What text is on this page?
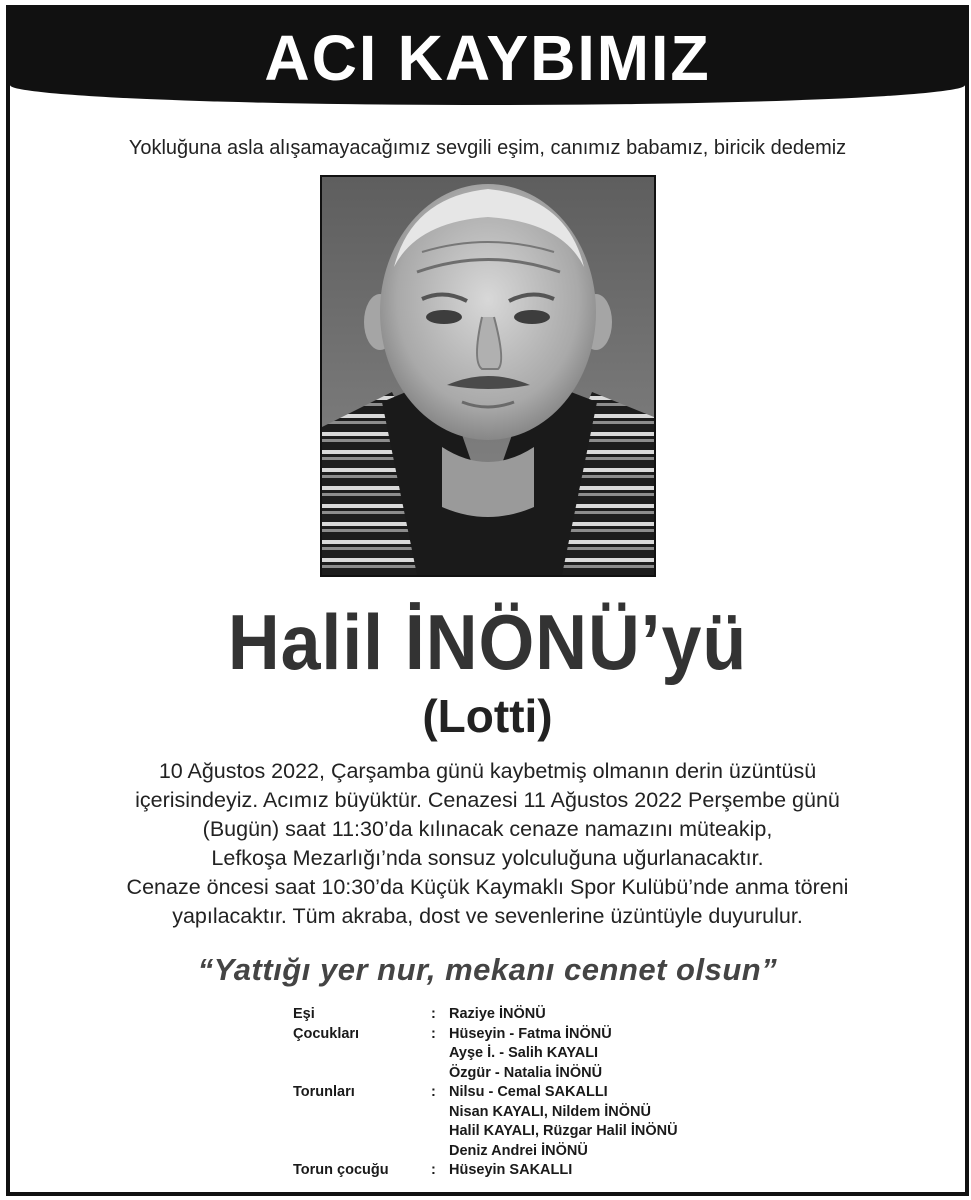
ACI KAYBIMIZ
Yokluğuna asla alışamayacağımız sevgili eşim, canımız babamız, biricik dedemiz
Halil İNÖNÜ’yü
(Lotti)
10 Ağustos 2022, Çarşamba günü kaybetmiş olmanın derin üzüntüsü
içerisindeyiz. Acımız büyüktür. Cenazesi 11 Ağustos 2022 Perşembe günü
(Bugün) saat 11:30’da kılınacak cenaze namazını müteakip,
Lefkoşa Mezarlığı’nda sonsuz yolculuğuna uğurlanacaktır.
Cenaze öncesi saat 10:30’da Küçük Kaymaklı Spor Kulübü’nde anma töreni
yapılacaktır. Tüm akraba, dost ve sevenlerine üzüntüyle duyurulur.
“Yattığı yer nur, mekanı cennet olsun”
Eşi	: Raziye İNÖNÜ
Çocukları	: Hüseyin - Fatma İNÖNÜ
Ayşe İ. - Salih KAYALI
Özgür - Natalia İNÖNÜ
Torunları	: Nilsu - Cemal SAKALLI
Nisan KAYALI, Nildem İNÖNÜ
Halil KAYALI, Rüzgar Halil İNÖNÜ
Deniz Andrei İNÖNÜ
Torun çocuğu	: Hüseyin SAKALLI
